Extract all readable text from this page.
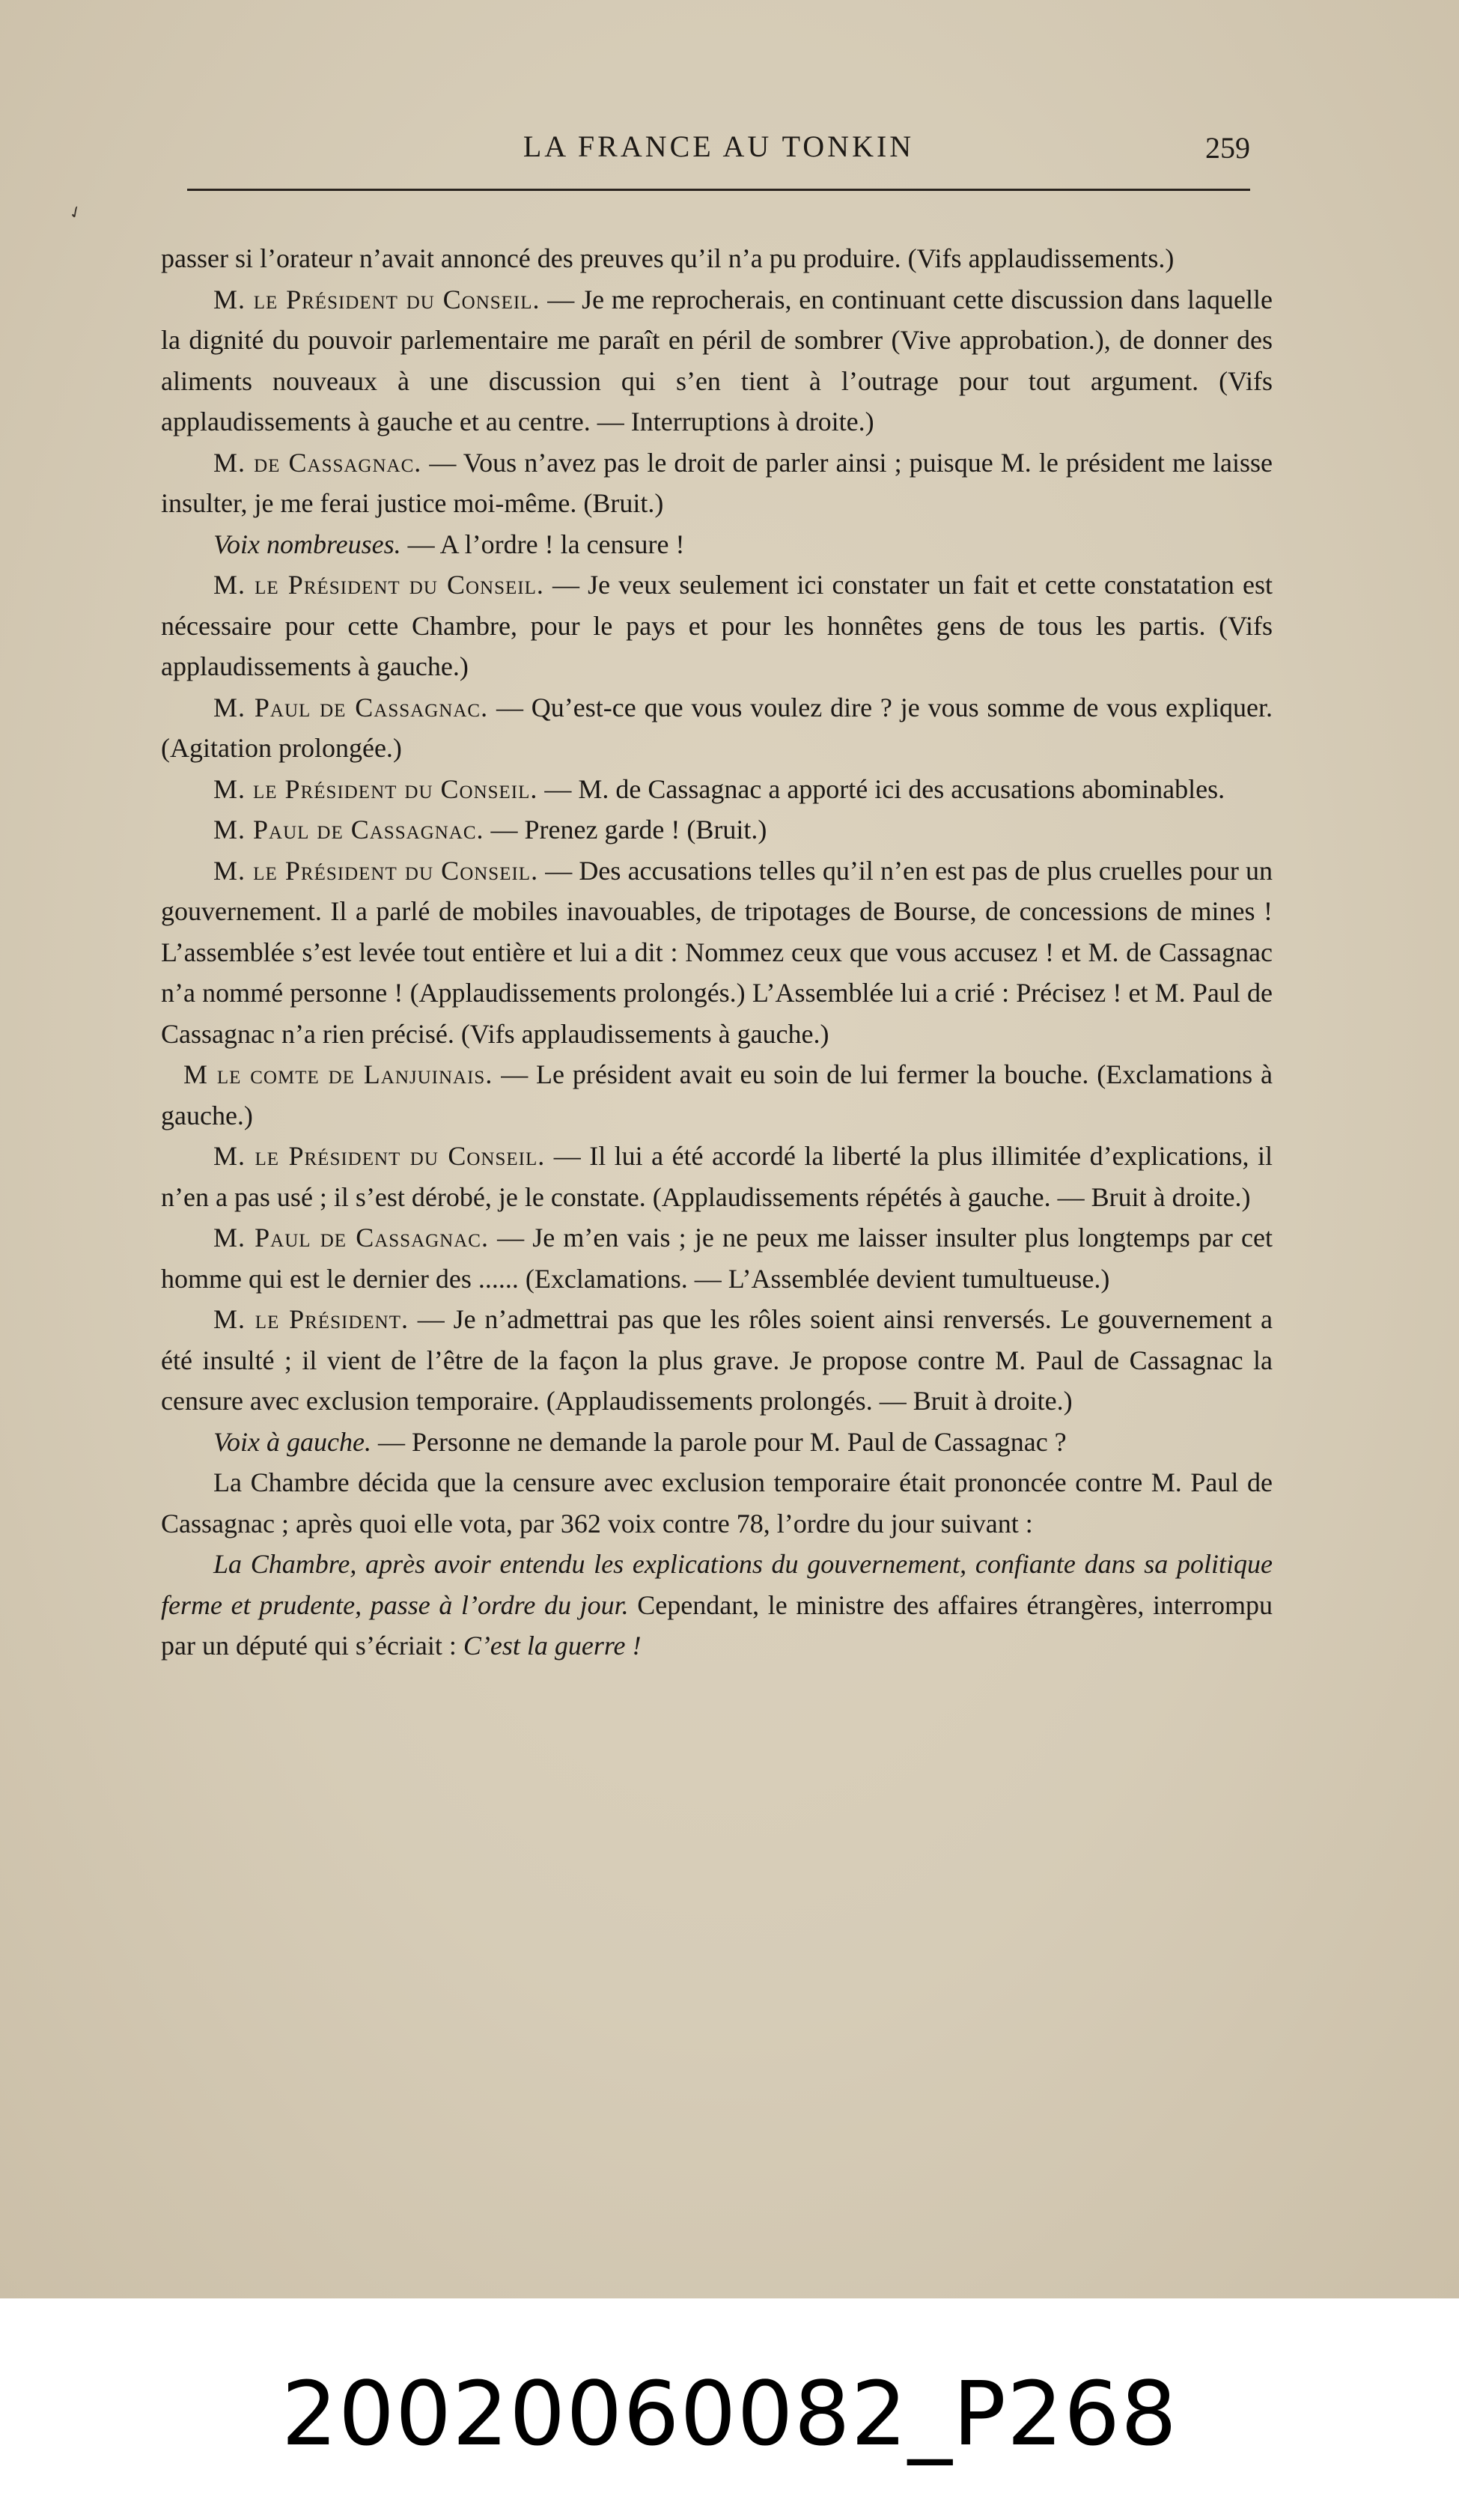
✓
LA FRANCE AU TONKIN	259

passer si l’orateur n’avait annoncé des preuves qu’il n’a pu produire. (Vifs applaudissements.)

M. le Président du Conseil. — Je me reprocherais, en continuant cette discussion dans laquelle la dignité du pouvoir parlementaire me paraît en péril de sombrer (Vive approbation.), de donner des aliments nouveaux à une discussion qui s’en tient à l’outrage pour tout argument. (Vifs applaudissements à gauche et au centre. — Interruptions à droite.)

M. de Cassagnac. — Vous n’avez pas le droit de parler ainsi ; puisque M. le président me laisse insulter, je me ferai justice moi-même. (Bruit.)

Voix nombreuses. — A l’ordre ! la censure !

M. le Président du Conseil. — Je veux seulement ici constater un fait et cette constatation est nécessaire pour cette Chambre, pour le pays et pour les honnêtes gens de tous les partis. (Vifs applaudissements à gauche.)

M. Paul de Cassagnac. — Qu’est-ce que vous voulez dire ? je vous somme de vous expliquer. (Agitation prolongée.)

M. le Président du Conseil. — M. de Cassagnac a apporté ici des accusations abominables.

M. Paul de Cassagnac. — Prenez garde ! (Bruit.)

M. le Président du Conseil. — Des accusations telles qu’il n’en est pas de plus cruelles pour un gouvernement. Il a parlé de mobiles inavouables, de tripotages de Bourse, de concessions de mines ! L’assemblée s’est levée tout entière et lui a dit : Nommez ceux que vous accusez ! et M. de Cassagnac n’a nommé personne ! (Applaudissements prolongés.) L’Assemblée lui a crié : Précisez ! et M. Paul de Cassagnac n’a rien précisé. (Vifs applaudissements à gauche.)

M le comte de Lanjuinais. — Le président avait eu soin de lui fermer la bouche. (Exclamations à gauche.)

M. le Président du Conseil. — Il lui a été accordé la liberté la plus illimitée d’explications, il n’en a pas usé ; il s’est dérobé, je le constate. (Applaudissements répétés à gauche. — Bruit à droite.)

M. Paul de Cassagnac. — Je m’en vais ; je ne peux me laisser insulter plus longtemps par cet homme qui est le dernier des ...... (Exclamations. — L’Assemblée devient tumultueuse.)

M. le Président. — Je n’admettrai pas que les rôles soient ainsi renversés. Le gouvernement a été insulté ; il vient de l’être de la façon la plus grave. Je propose contre M. Paul de Cassagnac la censure avec exclusion temporaire. (Applaudissements prolongés. — Bruit à droite.)

Voix à gauche. — Personne ne demande la parole pour M. Paul de Cassagnac ?

La Chambre décida que la censure avec exclusion temporaire était prononcée contre M. Paul de Cassagnac ; après quoi elle vota, par 362 voix contre 78, l’ordre du jour suivant :

La Chambre, après avoir entendu les explications du gouvernement, confiante dans sa politique ferme et prudente, passe à l’ordre du jour. Cependant, le ministre des affaires étrangères, interrompu par un député qui s’écriait : C’est la guerre !

20020060082_P268
